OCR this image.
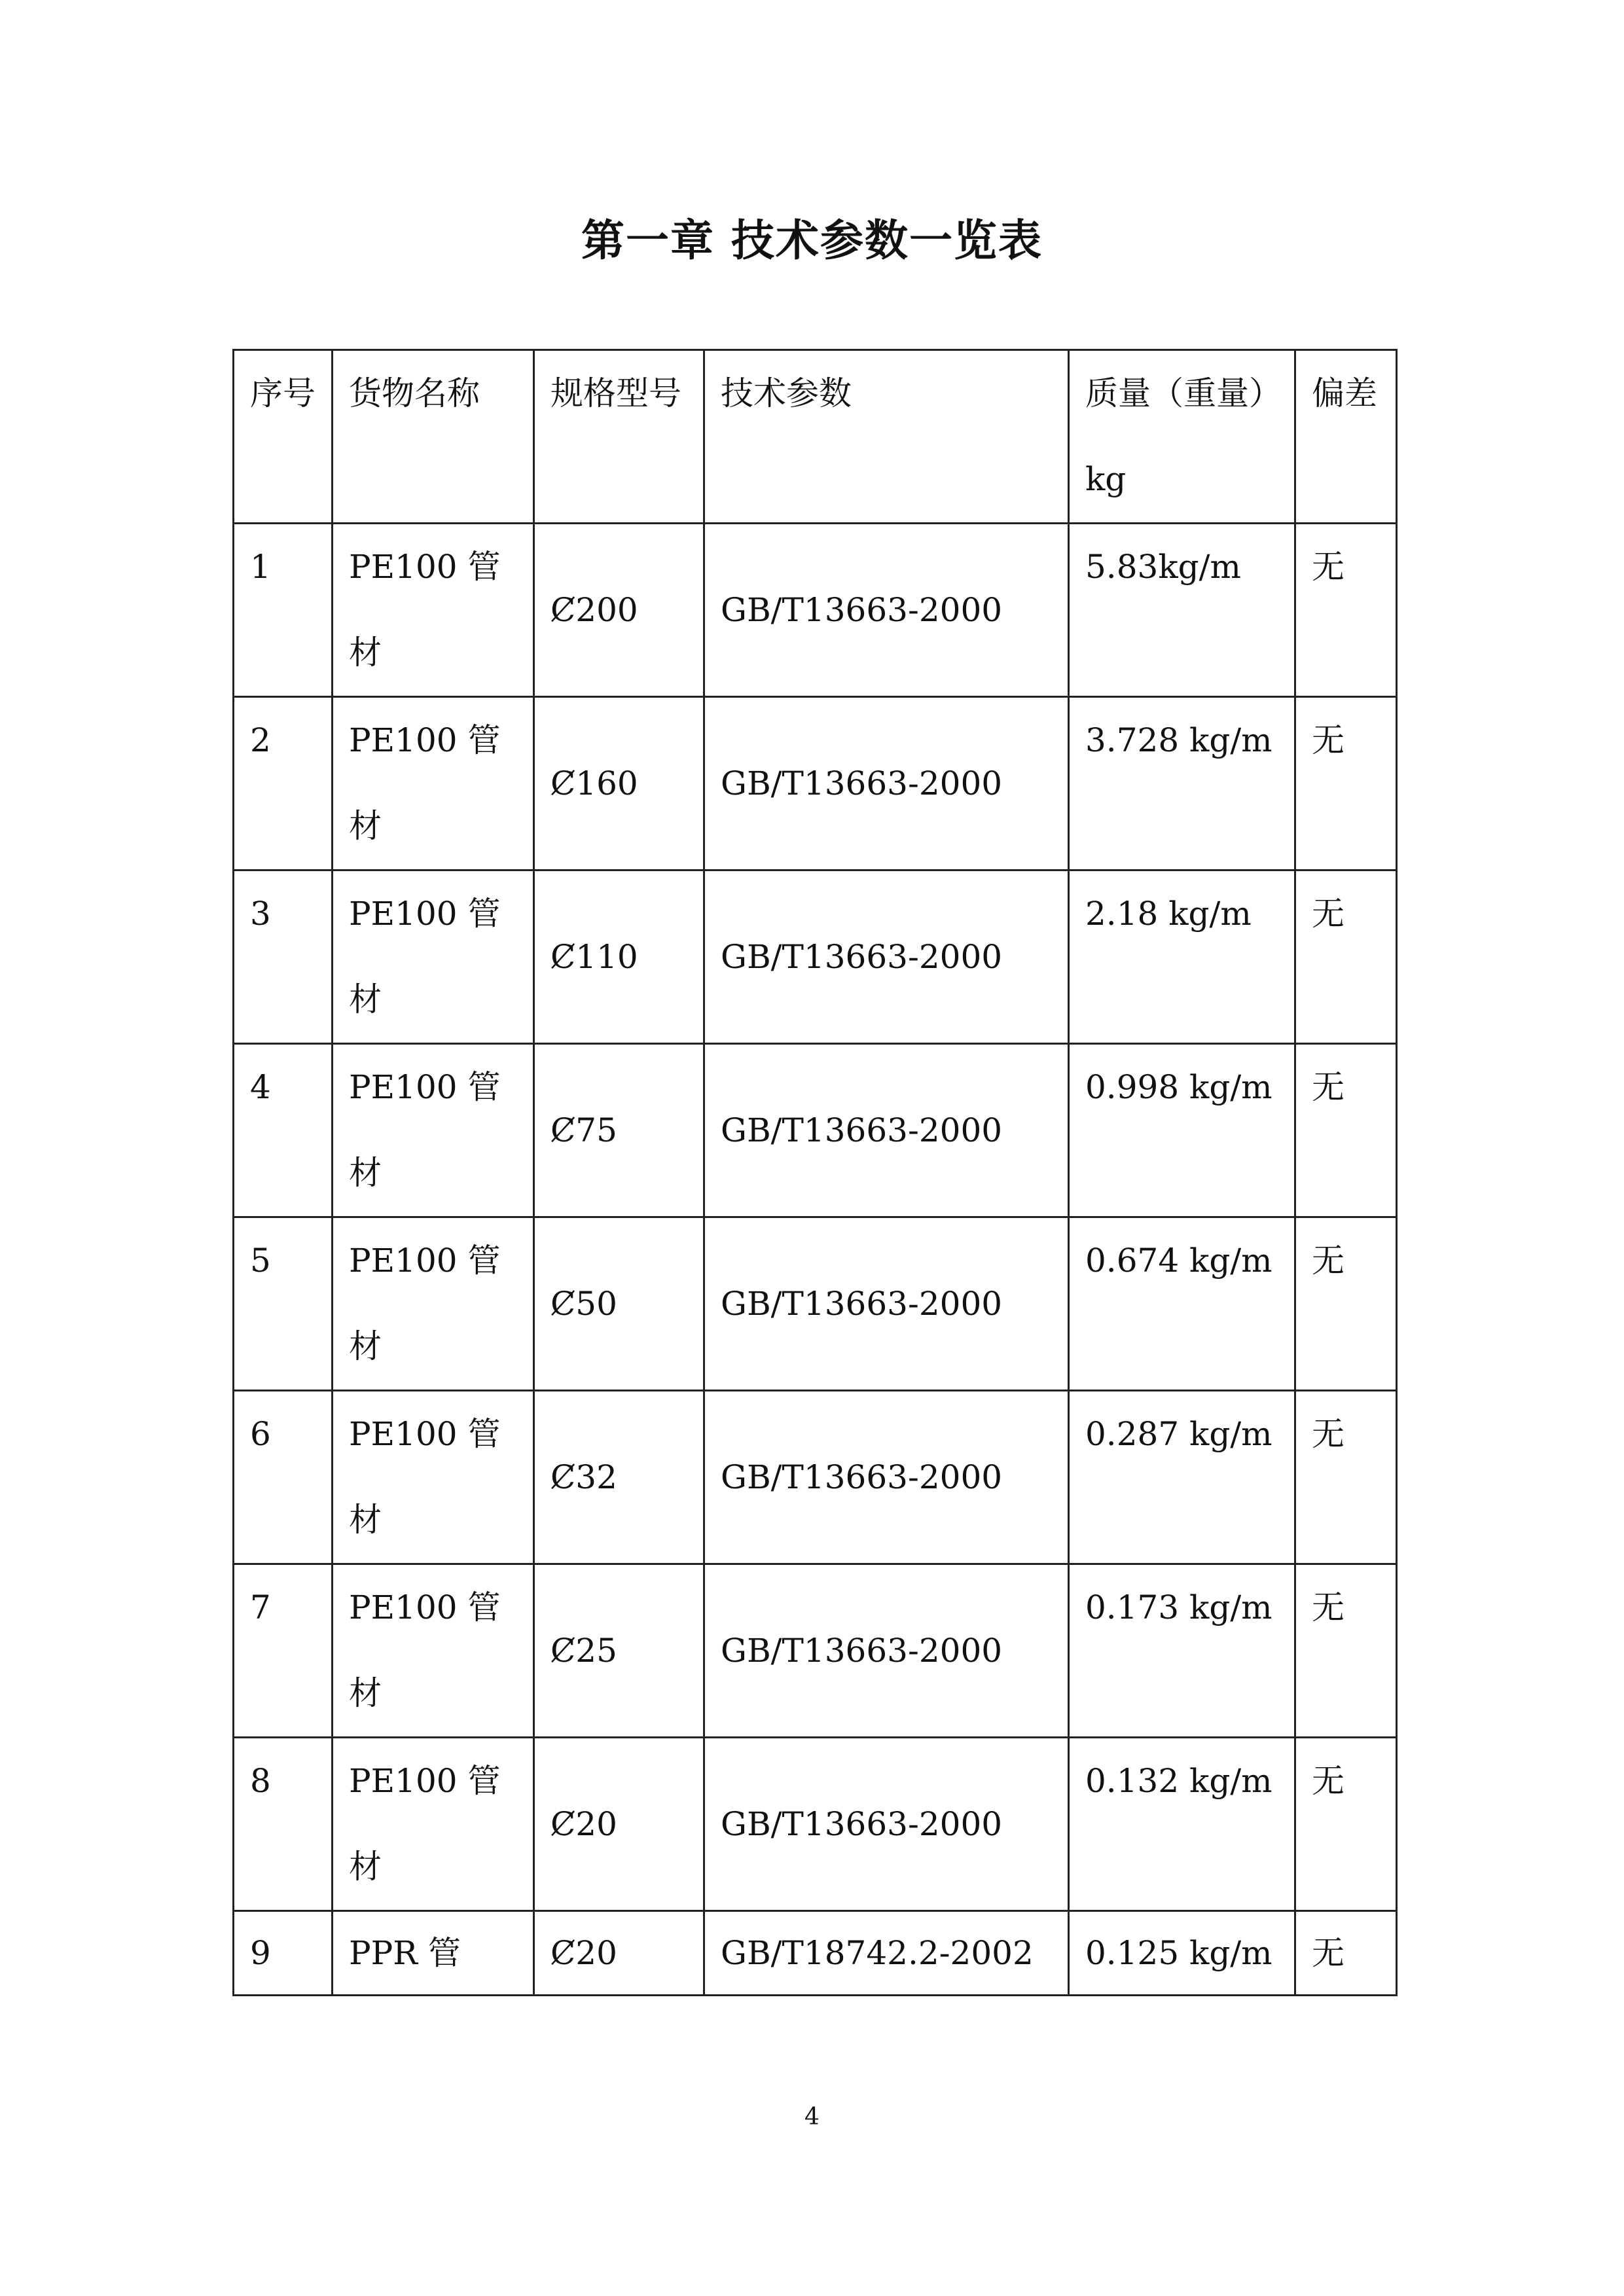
第一章 技术参数一览表
序号	货物名称	规格型号	技术参数	质量（重量）kg	偏差
1	PE100 管材	Ȼ200	GB/T13663-2000	5.83kg/m	无
2	PE100 管材	Ȼ160	GB/T13663-2000	3.728 kg/m	无
3	PE100 管材	Ȼ110	GB/T13663-2000	2.18 kg/m	无
4	PE100 管材	Ȼ75	GB/T13663-2000	0.998 kg/m	无
5	PE100 管材	Ȼ50	GB/T13663-2000	0.674 kg/m	无
6	PE100 管材	Ȼ32	GB/T13663-2000	0.287 kg/m	无
7	PE100 管材	Ȼ25	GB/T13663-2000	0.173 kg/m	无
8	PE100 管材	Ȼ20	GB/T13663-2000	0.132 kg/m	无
9	PPR 管	Ȼ20	GB/T18742.2-2002	0.125 kg/m	无
4
